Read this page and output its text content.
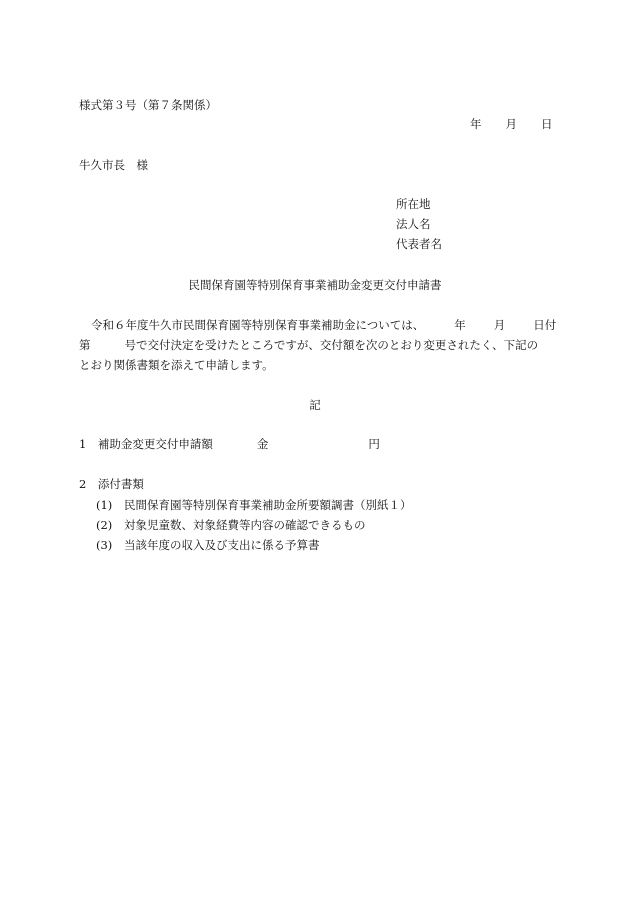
様式第３号（第７条関係）
年 月 日
牛久市長　様
所在地
法人名
代表者名
民間保育園等特別保育事業補助金変更交付申請書
令和６年度牛久市民間保育園等特別保育事業補助金については、	年 月 日付
第	号で交付決定を受けたところですが、交付額を次のとおり変更されたく、下記の
とおり関係書類を添えて申請します。
記
1　補助金変更交付申請額	金	円
2　添付書類
(1) 民間保育園等特別保育事業補助金所要額調書（別紙１）
(2) 対象児童数、対象経費等内容の確認できるもの
(3) 当該年度の収入及び支出に係る予算書
